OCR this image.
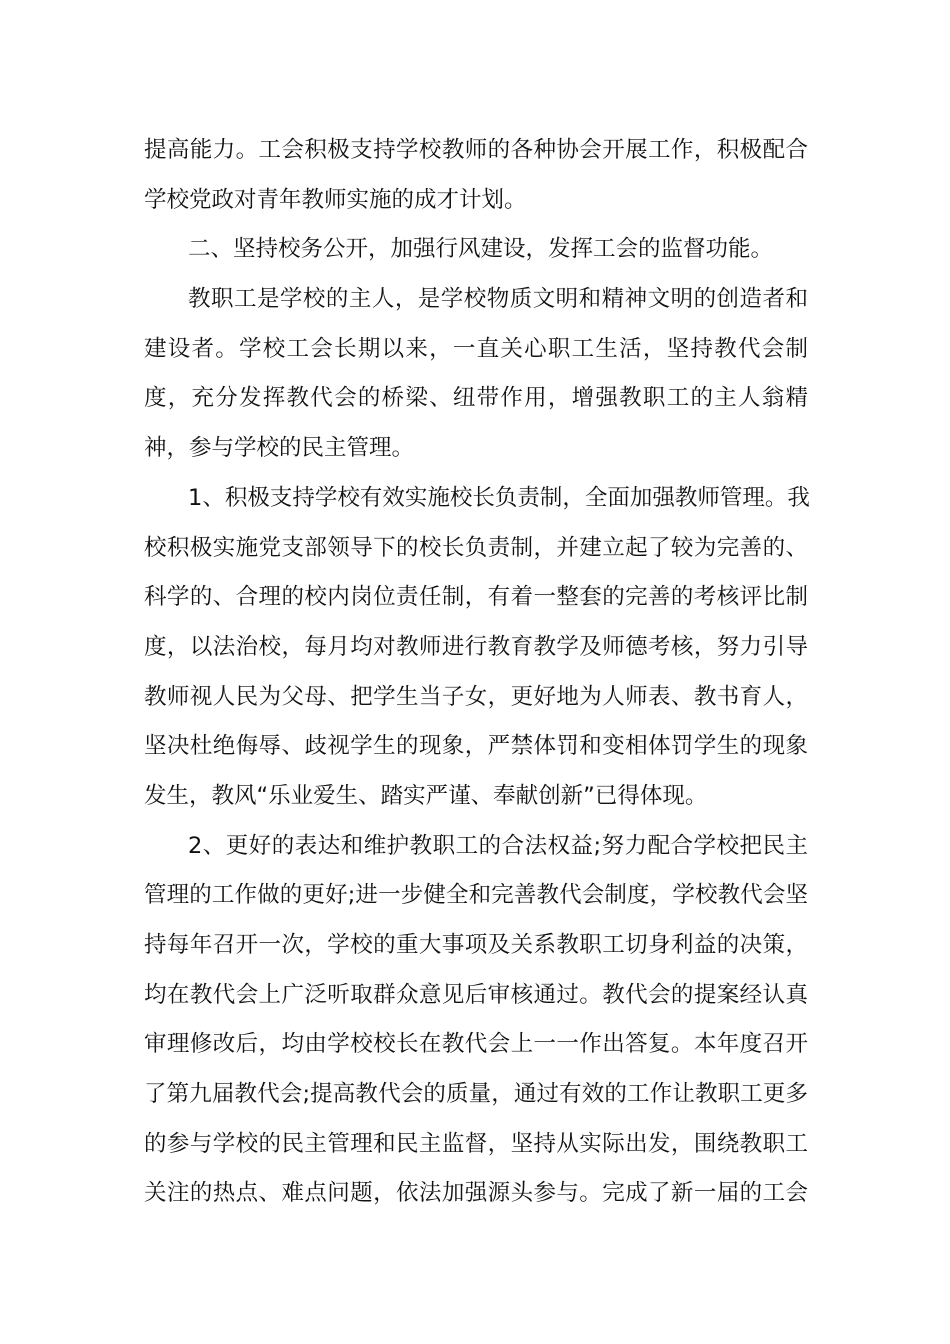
提高能力。工会积极支持学校教师的各种协会开展工作，积极配合
学校党政对青年教师实施的成才计划。
二、坚持校务公开，加强行风建设，发挥工会的监督功能。
教职工是学校的主人，是学校物质文明和精神文明的创造者和
建设者。学校工会长期以来，一直关心职工生活，坚持教代会制
度，充分发挥教代会的桥梁、纽带作用，增强教职工的主人翁精
神，参与学校的民主管理。
1、积极支持学校有效实施校长负责制，全面加强教师管理。我
校积极实施党支部领导下的校长负责制，并建立起了较为完善的、
科学的、合理的校内岗位责任制，有着一整套的完善的考核评比制
度，以法治校，每月均对教师进行教育教学及师德考核，努力引导
教师视人民为父母、把学生当子女，更好地为人师表、教书育人，
坚决杜绝侮辱、歧视学生的现象，严禁体罚和变相体罚学生的现象
发生，教风“乐业爱生、踏实严谨、奉献创新”已得体现。
2、更好的表达和维护教职工的合法权益;努力配合学校把民主
管理的工作做的更好;进一步健全和完善教代会制度，学校教代会坚
持每年召开一次，学校的重大事项及关系教职工切身利益的决策，
均在教代会上广泛听取群众意见后审核通过。教代会的提案经认真
审理修改后，均由学校校长在教代会上一一作出答复。本年度召开
了第九届教代会;提高教代会的质量，通过有效的工作让教职工更多
的参与学校的民主管理和民主监督，坚持从实际出发，围绕教职工
关注的热点、难点问题，依法加强源头参与。完成了新一届的工会
